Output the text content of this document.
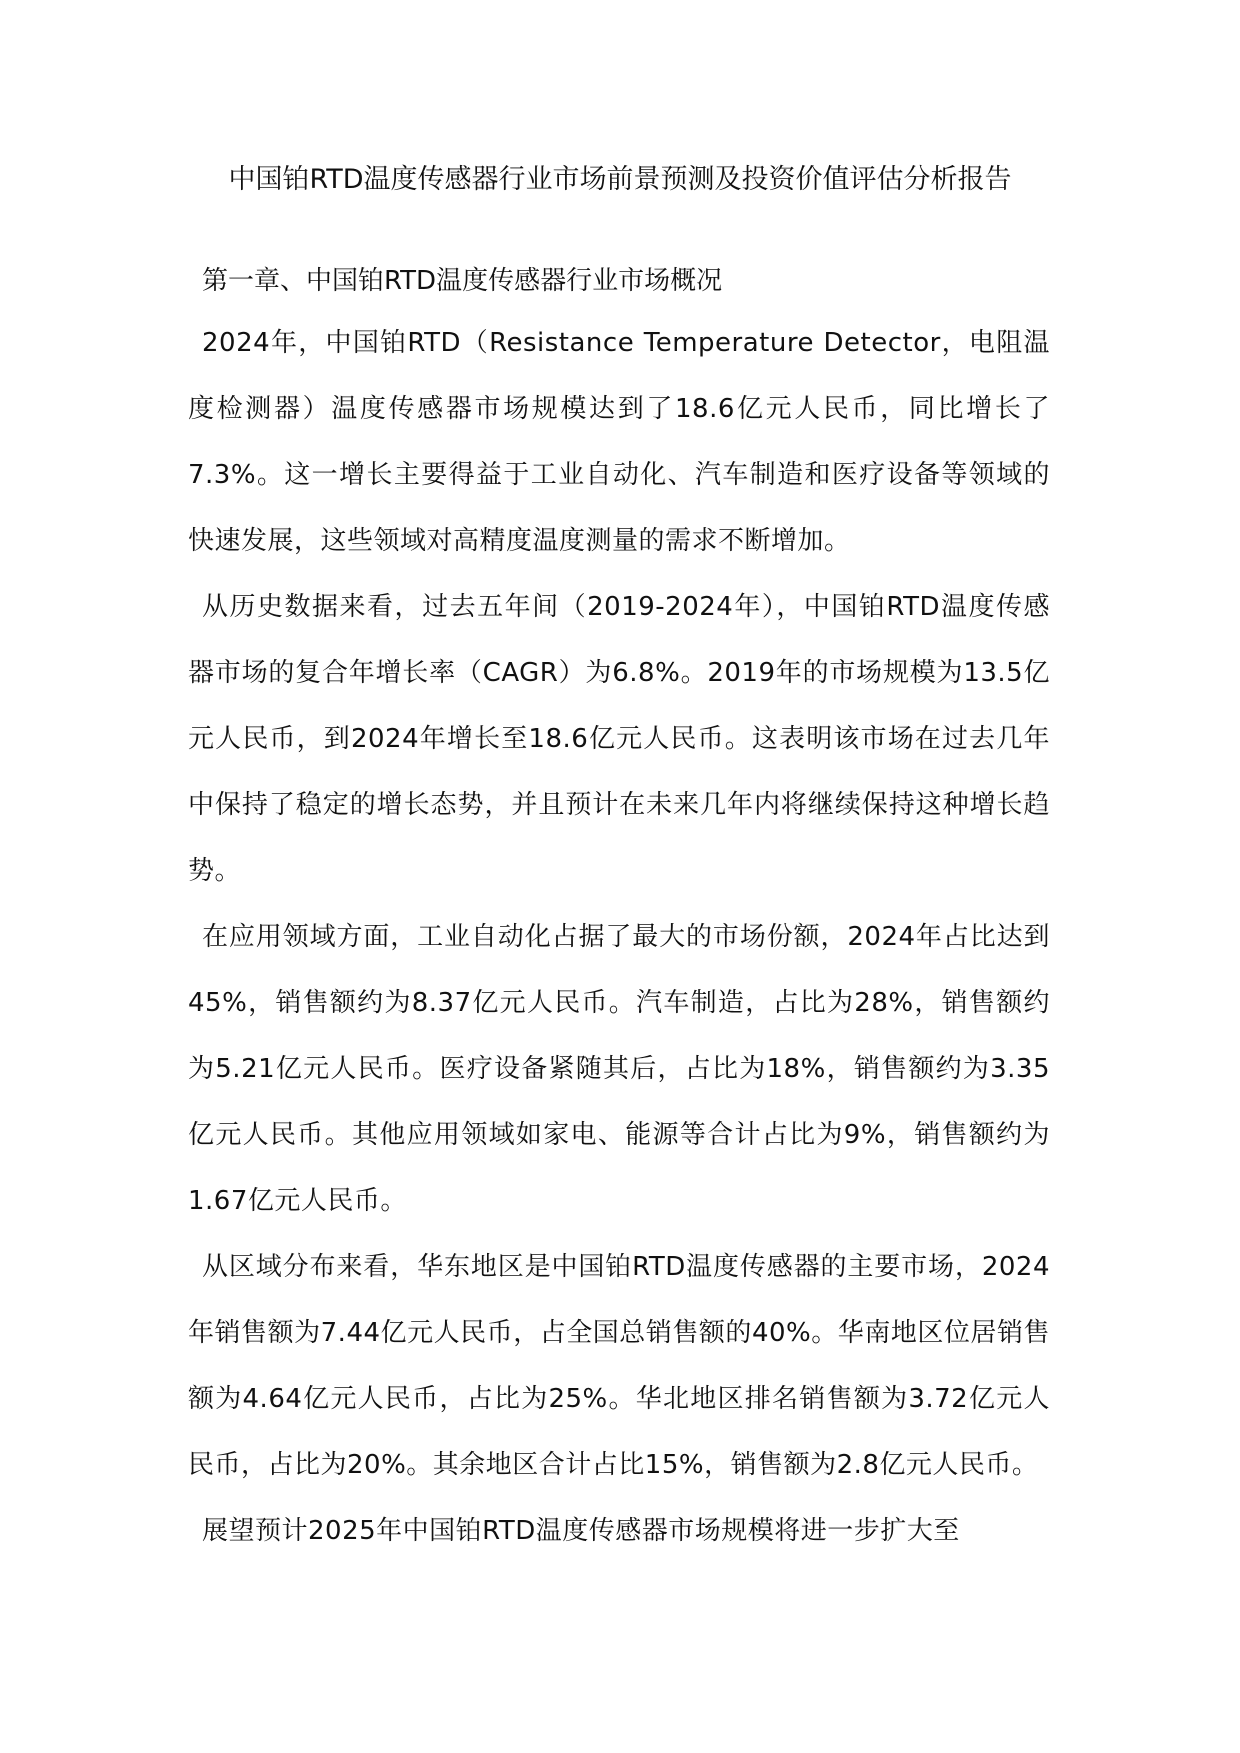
中国铂RTD温度传感器行业市场前景预测及投资价值评估分析报告
第一章、中国铂RTD温度传感器行业市场概况

2024年，中国铂RTD（Resistance Temperature Detector，电阻温度检测器）温度传感器市场规模达到了18.6亿元人民币，同比增长了7.3%。这一增长主要得益于工业自动化、汽车制造和医疗设备等领域的快速发展，这些领域对高精度温度测量的需求不断增加。

从历史数据来看，过去五年间（2019-2024年），中国铂RTD温度传感器市场的复合年增长率（CAGR）为6.8%。2019年的市场规模为13.5亿元人民币，到2024年增长至18.6亿元人民币。这表明该市场在过去几年中保持了稳定的增长态势，并且预计在未来几年内将继续保持这种增长趋势。

在应用领域方面，工业自动化占据了最大的市场份额，2024年占比达到45%，销售额约为8.37亿元人民币。汽车制造，占比为28%，销售额约为5.21亿元人民币。医疗设备紧随其后，占比为18%，销售额约为3.35亿元人民币。其他应用领域如家电、能源等合计占比为9%，销售额约为1.67亿元人民币。

从区域分布来看，华东地区是中国铂RTD温度传感器的主要市场，2024年销售额为7.44亿元人民币，占全国总销售额的40%。华南地区位居销售额为4.64亿元人民币，占比为25%。华北地区排名销售额为3.72亿元人民币，占比为20%。其余地区合计占比15%，销售额为2.8亿元人民币。

展望预计2025年中国铂RTD温度传感器市场规模将进一步扩大至
